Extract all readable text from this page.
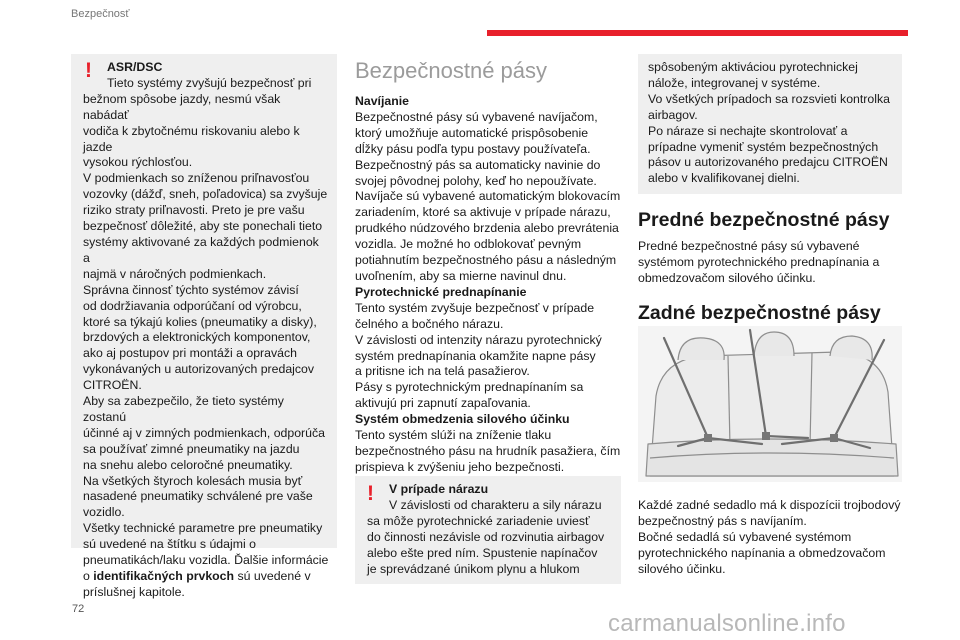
Bezpečnosť
! ASR/DSC
Tieto systémy zvyšujú bezpečnosť pri
bežnom spôsobe jazdy, nesmú však nabádať
vodiča k zbytočnému riskovaniu alebo k jazde
vysokou rýchlosťou.
V podmienkach so zníženou priľnavosťou
vozovky (dážď, sneh, poľadovica) sa zvyšuje
riziko straty priľnavosti. Preto je pre vašu
bezpečnosť dôležité, aby ste ponechali tieto
systémy aktivované za každých podmienok a
najmä v náročných podmienkach.
Správna činnosť týchto systémov závisí
od dodržiavania odporúčaní od výrobcu,
ktoré sa týkajú kolies (pneumatiky a disky),
brzdových a elektronických komponentov,
ako aj postupov pri montáži a opravách
vykonávaných u autorizovaných predajcov
CITROËN.
Aby sa zabezpečilo, že tieto systémy zostanú
účinné aj v zimných podmienkach, odporúča
sa používať zimné pneumatiky na jazdu
na snehu alebo celoročné pneumatiky.
Na všetkých štyroch kolesách musia byť
nasadené pneumatiky schválené pre vaše
vozidlo.
Všetky technické parametre pre pneumatiky
sú uvedené na štítku s údajmi o
pneumatikách/laku vozidla. Ďalšie informácie
o identifikačných prvkoch sú uvedené v
príslušnej kapitole.
Bezpečnostné pásy
Navíjanie
Bezpečnostné pásy sú vybavené navíjačom,
ktorý umožňuje automatické prispôsobenie
dĺžky pásu podľa typu postavy používateľa.
Bezpečnostný pás sa automaticky navinie do
svojej pôvodnej polohy, keď ho nepoužívate.
Navíjače sú vybavené automatickým blokovacím
zariadením, ktoré sa aktivuje v prípade nárazu,
prudkého núdzového brzdenia alebo prevrátenia
vozidla. Je možné ho odblokovať pevným
potiahnutím bezpečnostného pásu a následným
uvoľnením, aby sa mierne navinul dnu.
Pyrotechnické prednapínanie
Tento systém zvyšuje bezpečnosť v prípade
čelného a bočného nárazu.
V závislosti od intenzity nárazu pyrotechnický
systém prednapínania okamžite napne pásy
a pritisne ich na telá pasažierov.
Pásy s pyrotechnickým prednapínaním sa
aktivujú pri zapnutí zapaľovania.
Systém obmedzenia silového účinku
Tento systém slúži na zníženie tlaku
bezpečnostného pásu na hrudník pasažiera, čím
prispieva k zvýšeniu jeho bezpečnosti.
! V prípade nárazu
V závislosti od charakteru a sily nárazu
sa môže pyrotechnické zariadenie uviesť
do činnosti nezávisle od rozvinutia airbagov
alebo ešte pred ním. Spustenie napínačov
je sprevádzané únikom plynu a hlukom
spôsobeným aktiváciou pyrotechnickej
nálože, integrovanej v systéme.
Vo všetkých prípadoch sa rozsvieti kontrolka
airbagov.
Po náraze si nechajte skontrolovať a
prípadne vymeniť systém bezpečnostných
pásov u autorizovaného predajcu CITROËN
alebo v kvalifikovanej dielni.
Predné bezpečnostné pásy
Predné bezpečnostné pásy sú vybavené
systémom pyrotechnického prednapínania a
obmedzovačom silového účinku.
Zadné bezpečnostné pásy
Každé zadné sedadlo má k dispozícii trojbodový
bezpečnostný pás s navíjaním.
Bočné sedadlá sú vybavené systémom
pyrotechnického napínania a obmedzovačom
silového účinku.
72
carmanualsonline.info
